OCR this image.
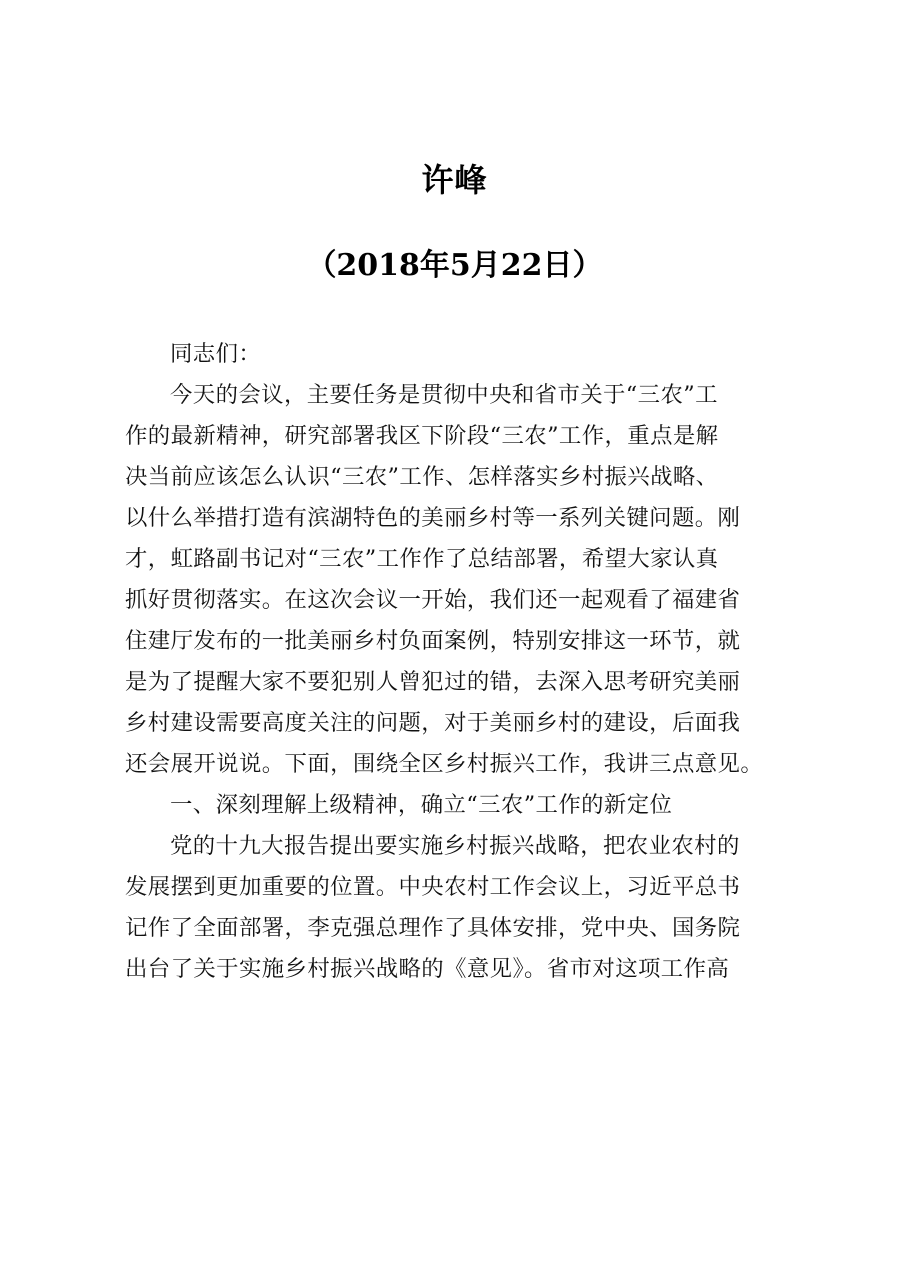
许峰
（2018年5月22日）
同志们：
今天的会议，主要任务是贯彻中央和省市关于“三农”工
作的最新精神，研究部署我区下阶段“三农”工作，重点是解
决当前应该怎么认识“三农”工作、怎样落实乡村振兴战略、
以什么举措打造有滨湖特色的美丽乡村等一系列关键问题。刚
才，虹路副书记对“三农”工作作了总结部署，希望大家认真
抓好贯彻落实。在这次会议一开始，我们还一起观看了福建省
住建厅发布的一批美丽乡村负面案例，特别安排这一环节，就
是为了提醒大家不要犯别人曾犯过的错，去深入思考研究美丽
乡村建设需要高度关注的问题，对于美丽乡村的建设，后面我
还会展开说说。下面，围绕全区乡村振兴工作，我讲三点意见。
一、深刻理解上级精神，确立“三农”工作的新定位
党的十九大报告提出要实施乡村振兴战略，把农业农村的
发展摆到更加重要的位置。中央农村工作会议上，习近平总书
记作了全面部署，李克强总理作了具体安排，党中央、国务院
出台了关于实施乡村振兴战略的《意见》。省市对这项工作高
